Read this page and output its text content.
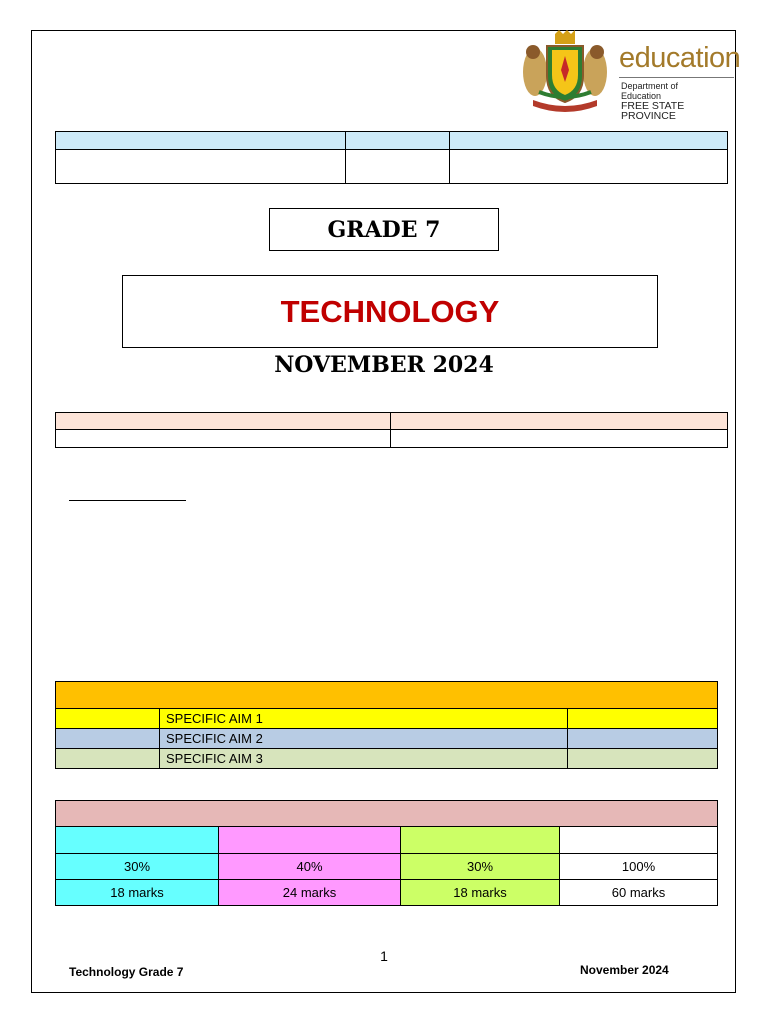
education
Department of
Education
FREE STATE PROVINCE

GRADE 7
TECHNOLOGY
NOVEMBER 2024

	SPECIFIC AIM 1	
	SPECIFIC AIM 2	
	SPECIFIC AIM 3	

30%	40%	30%	100%
18 marks	24 marks	18 marks	60 marks
1
Technology Grade 7	November 2024
